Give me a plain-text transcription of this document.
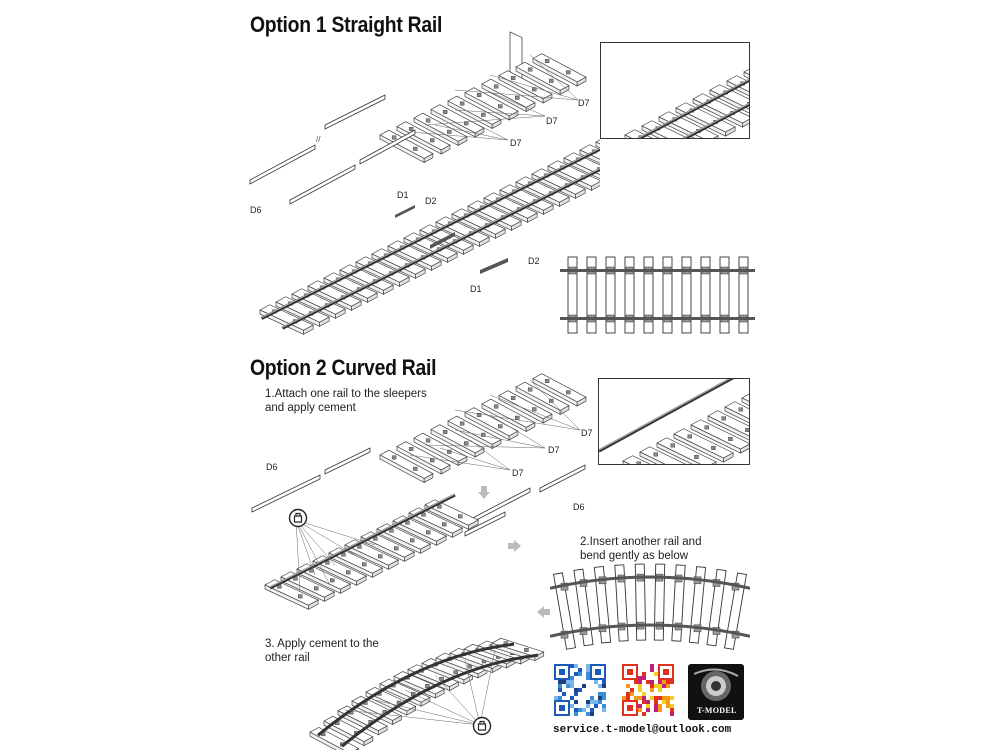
Option 1 Straight Rail
//
D7
D7
D7
D6
D1
D2
D2
D1
Option 2 Curved Rail
1.Attach one rail to the sleepers
and apply cement
D7
D7
D7
D6
D6
2.Insert another rail and
bend gently as below
3. Apply cement to the
other rail
T-MODEL
service.t-model@outlook.com
